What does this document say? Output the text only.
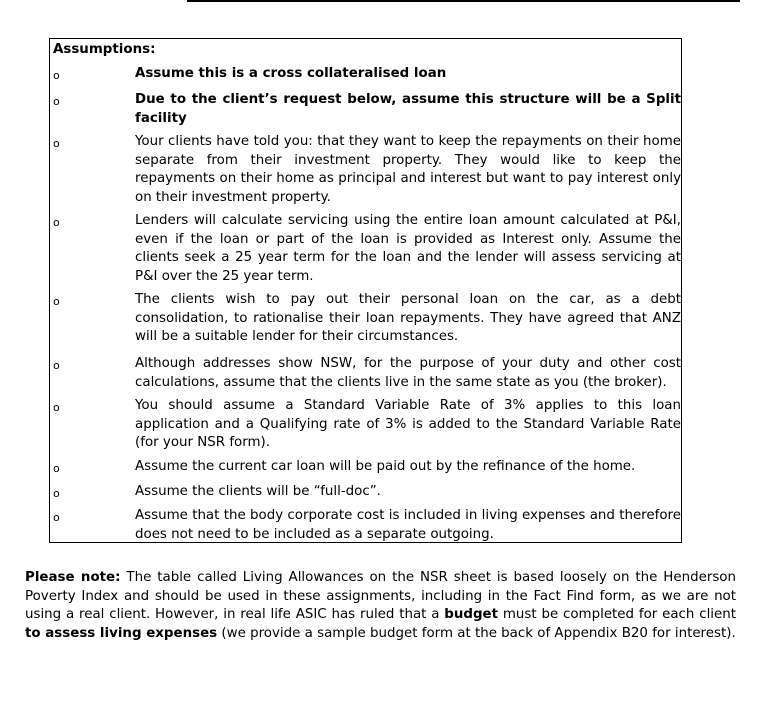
Assumptions:
o	Assume this is a cross collateralised loan
o	Due to the client’s request below, assume this structure will be a Split facility
o	Your clients have told you: that they want to keep the repayments on their home separate from their investment property. They would like to keep the repayments on their home as principal and interest but want to pay interest only on their investment property.
o	Lenders will calculate servicing using the entire loan amount calculated at P&I, even if the loan or part of the loan is provided as Interest only. Assume the clients seek a 25 year term for the loan and the lender will assess servicing at P&I over the 25 year term.
o	The clients wish to pay out their personal loan on the car, as a debt consolidation, to rationalise their loan repayments. They have agreed that ANZ will be a suitable lender for their circumstances.
o	Although addresses show NSW, for the purpose of your duty and other cost calculations, assume that the clients live in the same state as you (the broker).
o	You should assume a Standard Variable Rate of 3% applies to this loan application and a Qualifying rate of 3% is added to the Standard Variable Rate (for your NSR form).
o	Assume the current car loan will be paid out by the refinance of the home.
o	Assume the clients will be “full-doc”.
o	Assume that the body corporate cost is included in living expenses and therefore does not need to be included as a separate outgoing.
Please note: The table called Living Allowances on the NSR sheet is based loosely on the Henderson Poverty Index and should be used in these assignments, including in the Fact Find form, as we are not using a real client. However, in real life ASIC has ruled that a budget must be completed for each client to assess living expenses (we provide a sample budget form at the back of Appendix B20 for interest).
